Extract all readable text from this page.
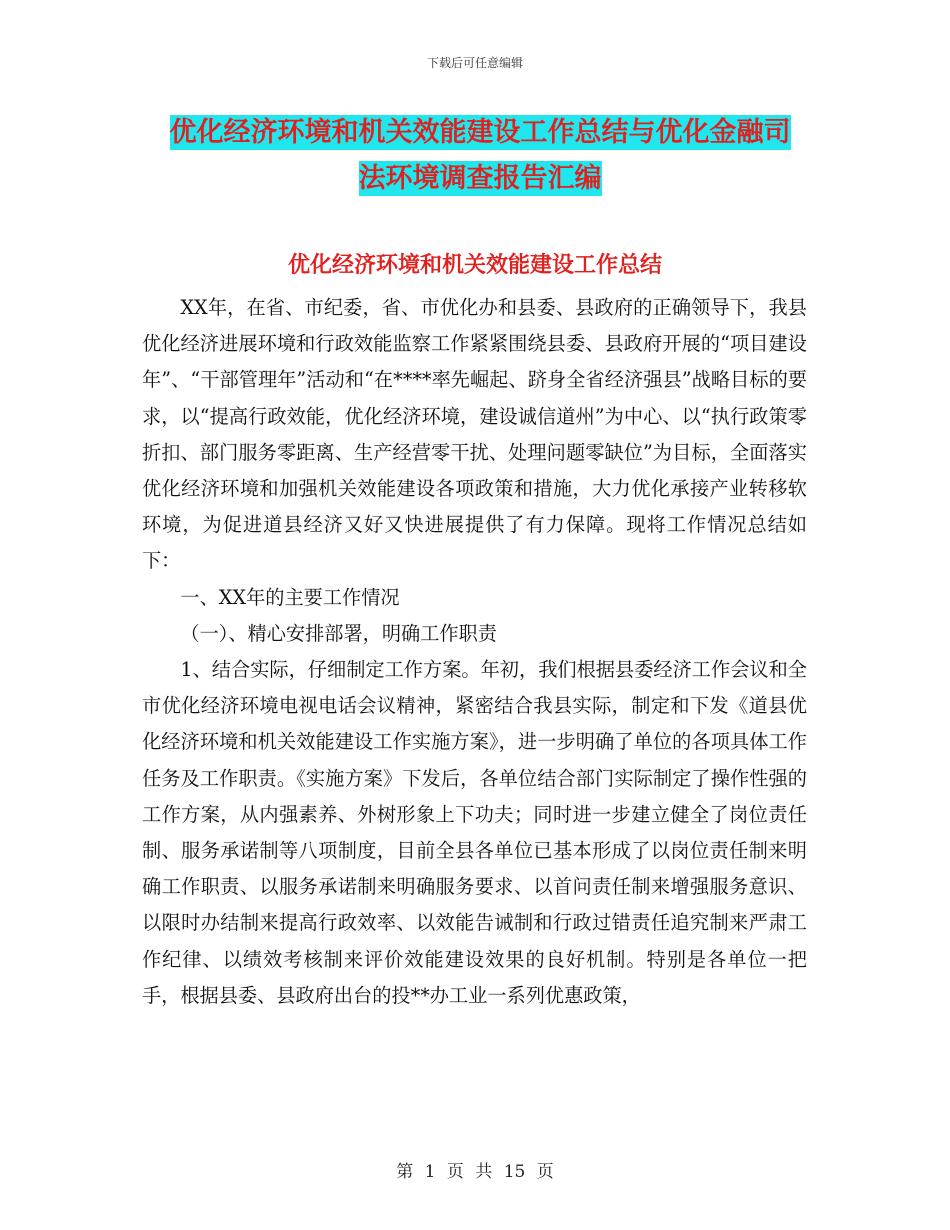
下载后可任意编辑
优化经济环境和机关效能建设工作总结与优化金融司
法环境调查报告汇编
优化经济环境和机关效能建设工作总结

XX年，在省、市纪委，省、市优化办和县委、县政府的正确领导下，我县优化经济进展环境和行政效能监察工作紧紧围绕县委、县政府开展的“项目建设年”、“干部管理年”活动和“在****率先崛起、跻身全省经济强县”战略目标的要求，以“提高行政效能，优化经济环境，建设诚信道州”为中心、以“执行政策零折扣、部门服务零距离、生产经营零干扰、处理问题零缺位”为目标，全面落实优化经济环境和加强机关效能建设各项政策和措施，大力优化承接产业转移软环境，为促进道县经济又好又快进展提供了有力保障。现将工作情况总结如下：

一、XX年的主要工作情况

（一）、精心安排部署，明确工作职责

1、结合实际，仔细制定工作方案。年初，我们根据县委经济工作会议和全市优化经济环境电视电话会议精神，紧密结合我县实际，制定和下发《道县优化经济环境和机关效能建设工作实施方案》，进一步明确了单位的各项具体工作任务及工作职责。《实施方案》下发后，各单位结合部门实际制定了操作性强的工作方案，从内强素养、外树形象上下功夫；同时进一步建立健全了岗位责任制、服务承诺制等八项制度，目前全县各单位已基本形成了以岗位责任制来明确工作职责、以服务承诺制来明确服务要求、以首问责任制来增强服务意识、以限时办结制来提高行政效率、以效能告诫制和行政过错责任追究制来严肃工作纪律、以绩效考核制来评价效能建设效果的良好机制。特别是各单位一把手，根据县委、县政府出台的投**办工业一系列优惠政策，

第 1 页 共 15 页
